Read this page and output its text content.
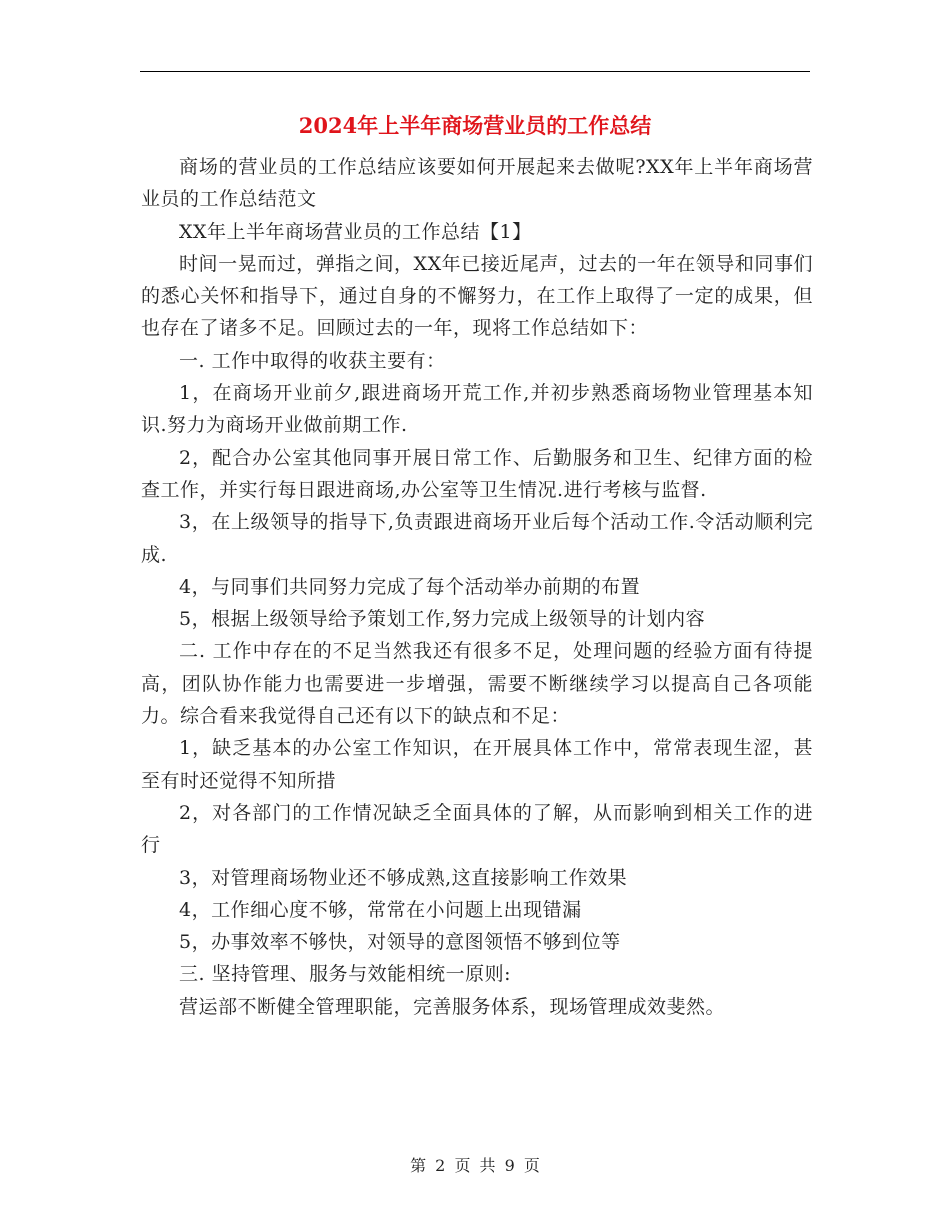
2024年上半年商场营业员的工作总结

商场的营业员的工作总结应该要如何开展起来去做呢?XX年上半年商场营业员的工作总结范文

XX年上半年商场营业员的工作总结【1】

时间一晃而过，弹指之间，XX年已接近尾声，过去的一年在领导和同事们的悉心关怀和指导下，通过自身的不懈努力，在工作上取得了一定的成果，但也存在了诸多不足。回顾过去的一年，现将工作总结如下：

一. 工作中取得的收获主要有：

1，在商场开业前夕,跟进商场开荒工作,并初步熟悉商场物业管理基本知识.努力为商场开业做前期工作.

2，配合办公室其他同事开展日常工作、后勤服务和卫生、纪律方面的检查工作，并实行每日跟进商场,办公室等卫生情况.进行考核与监督.

3，在上级领导的指导下,负责跟进商场开业后每个活动工作.令活动顺利完成.

4，与同事们共同努力完成了每个活动举办前期的布置

5，根据上级领导给予策划工作,努力完成上级领导的计划内容

二. 工作中存在的不足当然我还有很多不足，处理问题的经验方面有待提高，团队协作能力也需要进一步增强，需要不断继续学习以提高自己各项能力。综合看来我觉得自己还有以下的缺点和不足：

1，缺乏基本的办公室工作知识，在开展具体工作中，常常表现生涩，甚至有时还觉得不知所措

2，对各部门的工作情况缺乏全面具体的了解，从而影响到相关工作的进行

3，对管理商场物业还不够成熟,这直接影响工作效果

4，工作细心度不够，常常在小问题上出现错漏

5，办事效率不够快，对领导的意图领悟不够到位等

三. 坚持管理、服务与效能相统一原则:

营运部不断健全管理职能，完善服务体系，现场管理成效斐然。

第 2 页 共 9 页
